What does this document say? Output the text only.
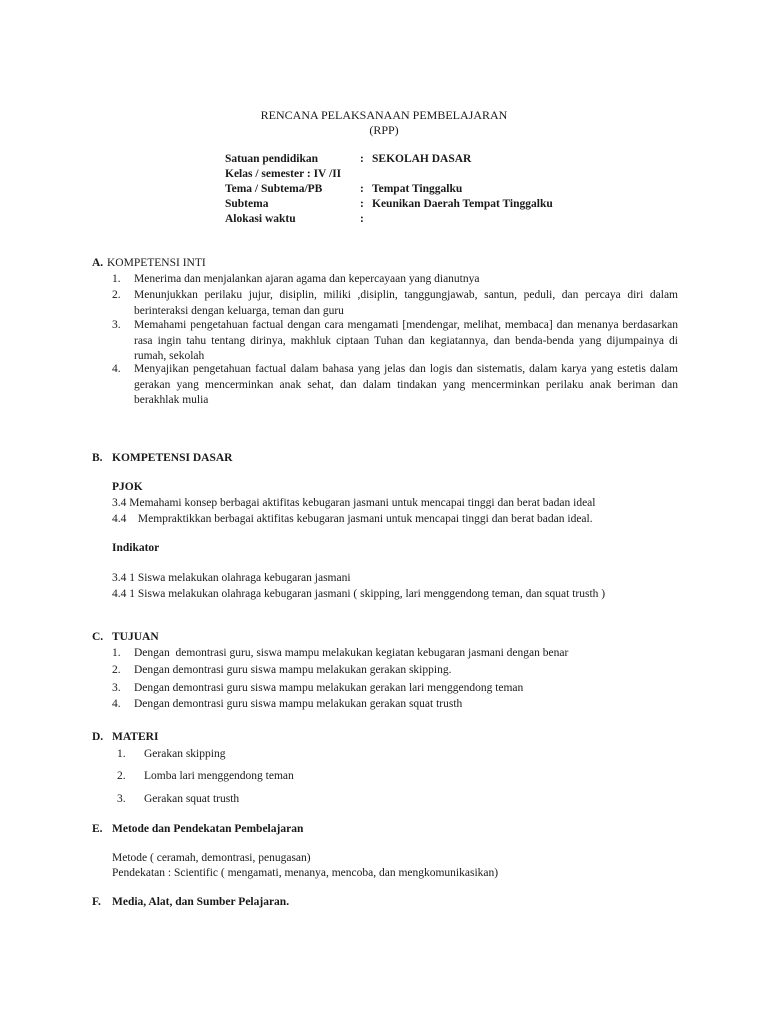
RENCANA PELAKSANAAN PEMBELAJARAN
(RPP)
Satuan pendidikan	: SEKOLAH DASAR
Kelas / semester : IV /II
Tema / Subtema/PB	: Tempat Tinggalku
Subtema	: Keunikan Daerah Tempat Tinggalku
Alokasi waktu	:
A. KOMPETENSI INTI
1. Menerima dan menjalankan ajaran agama dan kepercayaan yang dianutnya
2. Menunjukkan perilaku jujur, disiplin, miliki ,disiplin, tanggungjawab, santun, peduli, dan percaya diri dalam berinteraksi dengan keluarga, teman dan guru
3. Memahami pengetahuan factual dengan cara mengamati [mendengar, melihat, membaca] dan menanya berdasarkan rasa ingin tahu tentang dirinya, makhluk ciptaan Tuhan dan kegiatannya, dan benda-benda yang dijumpainya di rumah, sekolah
4. Menyajikan pengetahuan factual dalam bahasa yang jelas dan logis dan sistematis, dalam karya yang estetis dalam gerakan yang mencerminkan anak sehat, dan dalam tindakan yang mencerminkan perilaku anak beriman dan berakhlak mulia
B. KOMPETENSI DASAR
PJOK
3.4 Memahami konsep berbagai aktifitas kebugaran jasmani untuk mencapai tinggi dan berat badan ideal
4.4    Mempraktikkan berbagai aktifitas kebugaran jasmani untuk mencapai tinggi dan berat badan ideal.
Indikator
3.4 1 Siswa melakukan olahraga kebugaran jasmani
4.4 1 Siswa melakukan olahraga kebugaran jasmani ( skipping, lari menggendong teman, dan squat trusth )
C. TUJUAN
1. Dengan  demontrasi guru, siswa mampu melakukan kegiatan kebugaran jasmani dengan benar
2. Dengan demontrasi guru siswa mampu melakukan gerakan skipping.
3. Dengan demontrasi guru siswa mampu melakukan gerakan lari menggendong teman
4. Dengan demontrasi guru siswa mampu melakukan gerakan squat trusth
D. MATERI
1. Gerakan skipping
2. Lomba lari menggendong teman
3. Gerakan squat trusth
E. Metode dan Pendekatan Pembelajaran
Metode ( ceramah, demontrasi, penugasan)
Pendekatan : Scientific ( mengamati, menanya, mencoba, dan mengkomunikasikan)
F. Media, Alat, dan Sumber Pelajaran.
